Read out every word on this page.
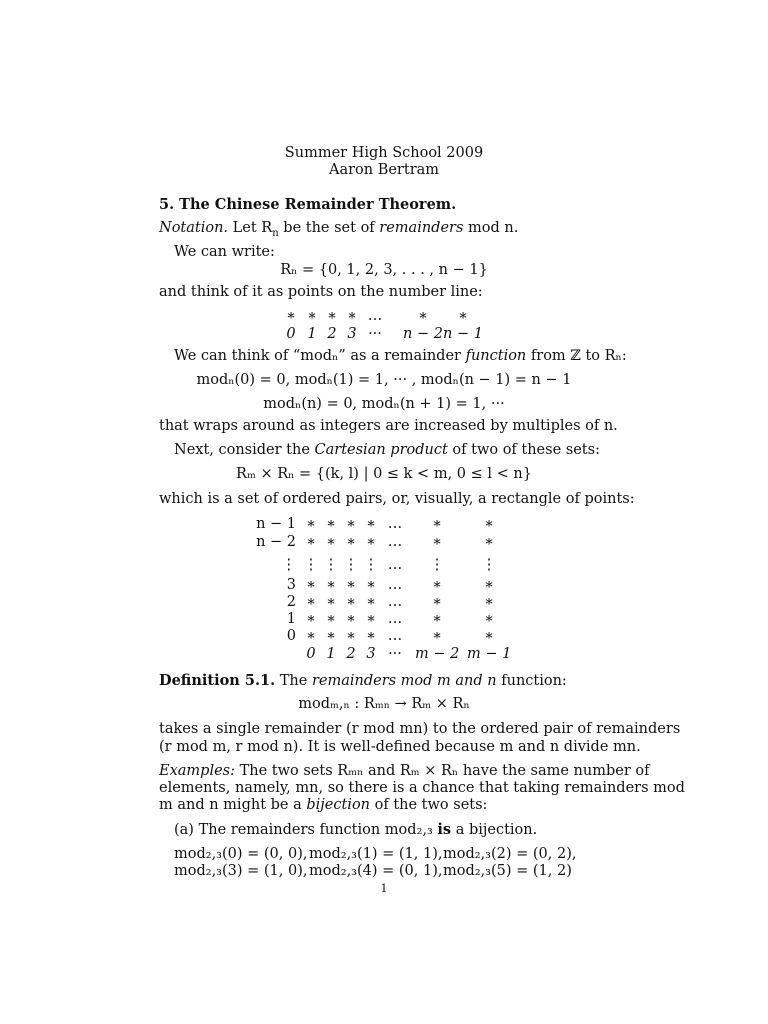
Summer High School 2009
Aaron Bertram
5. The Chinese Remainder Theorem.
Notation. Let $R_n$ be the set of remainders mod n.
We can write:
Rₙ = {0, 1, 2, 3, . . . , n − 1}
and think of it as points on the number line:
∗ ∗ ∗ ∗ …	∗	∗
0 1 2 3 ···	n − 2 n − 1
We can think of “modₙ” as a remainder function from ℤ to Rₙ:
modₙ(0) = 0, modₙ(1) = 1, ··· , modₙ(n − 1) = n − 1
modₙ(n) = 0, modₙ(n + 1) = 1, ···
that wraps around as integers are increased by multiples of n.
Next, consider the Cartesian product of two of these sets:
Rₘ × Rₙ = {(k, l) | 0 ≤ k < m, 0 ≤ l < n}
which is a set of ordered pairs, or, visually, a rectangle of points:
n − 1 ∗ ∗ ∗ ∗ …	∗	∗
n − 2 ∗ ∗ ∗ ∗ …	∗	∗
⋮ ⋮ ⋮ ⋮ ⋮ …	⋮	⋮
3 ∗ ∗ ∗ ∗ …	∗	∗
2 ∗ ∗ ∗ ∗ …	∗	∗
1 ∗ ∗ ∗ ∗ …	∗	∗
0 ∗ ∗ ∗ ∗ …	∗	∗
0 1 2 3 ··· m − 2 m − 1
Definition 5.1. The remainders mod m and n function:
modₘ,ₙ : Rₘₙ → Rₘ × Rₙ
takes a single remainder (r mod mn) to the ordered pair of remainders
(r mod m, r mod n). It is well-defined because m and n divide mn.
Examples: The two sets Rₘₙ and Rₘ × Rₙ have the same number of
elements, namely, mn, so there is a chance that taking remainders mod
m and n might be a bijection of the two sets:
(a) The remainders function mod₂,₃ is a bijection.
mod₂,₃(0) = (0, 0), mod₂,₃(1) = (1, 1), mod₂,₃(2) = (0, 2),
mod₂,₃(3) = (1, 0), mod₂,₃(4) = (0, 1), mod₂,₃(5) = (1, 2)
1
